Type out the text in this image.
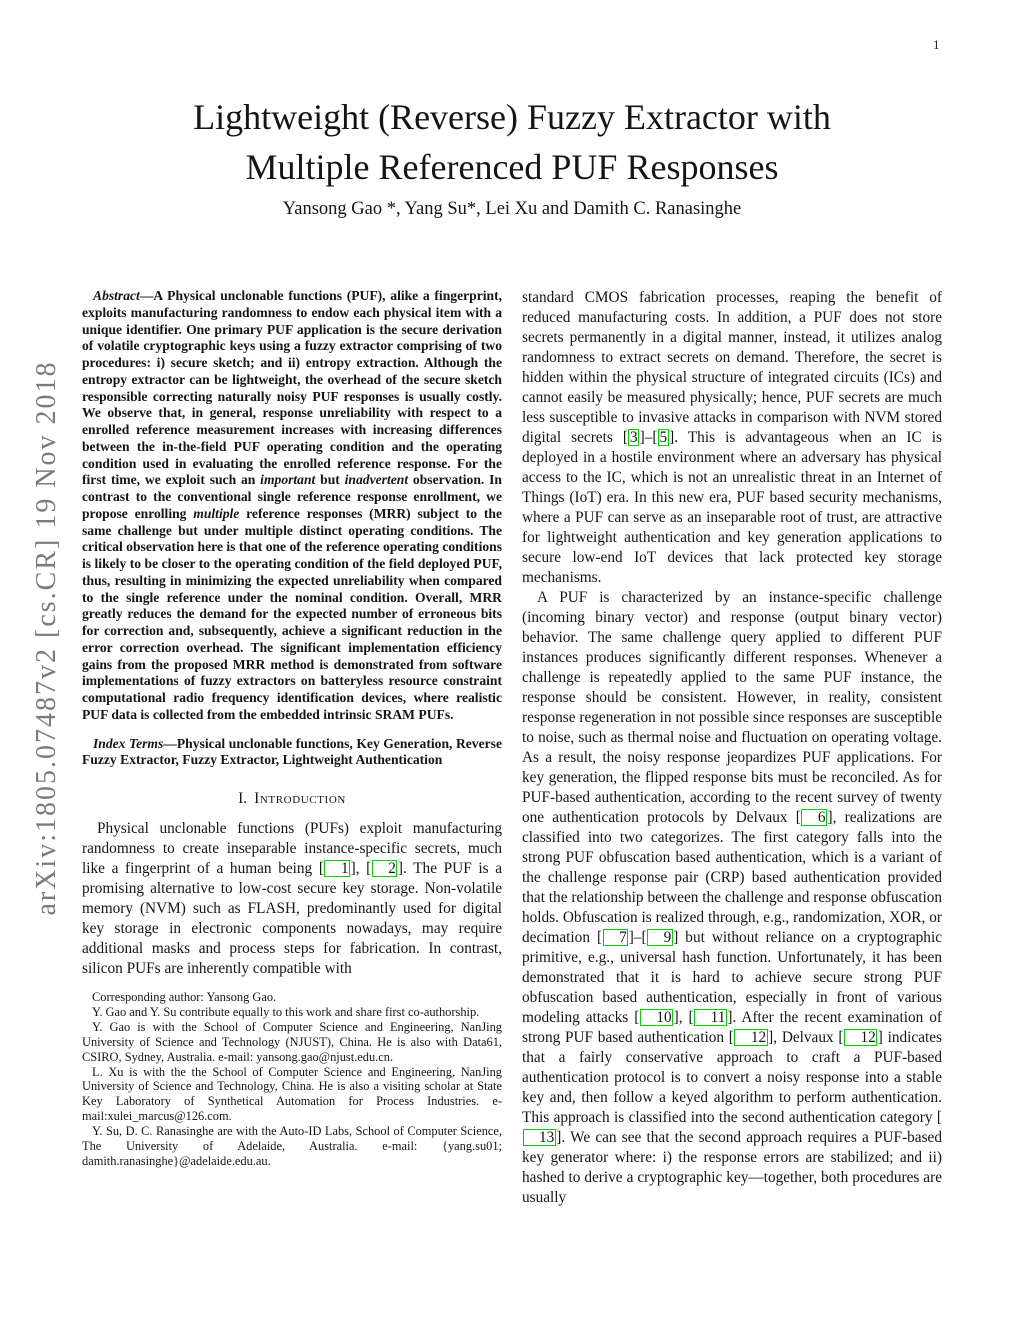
1
arXiv:1805.07487v2 [cs.CR] 19 Nov 2018
Lightweight (Reverse) Fuzzy Extractor with Multiple Referenced PUF Responses
Yansong Gao *, Yang Su*, Lei Xu and Damith C. Ranasinghe

Abstract—A Physical unclonable functions (PUF), alike a fingerprint, exploits manufacturing randomness to endow each physical item with a unique identifier. One primary PUF application is the secure derivation of volatile cryptographic keys using a fuzzy extractor comprising of two procedures: i) secure sketch; and ii) entropy extraction. Although the entropy extractor can be lightweight, the overhead of the secure sketch responsible correcting naturally noisy PUF responses is usually costly. We observe that, in general, response unreliability with respect to a enrolled reference measurement increases with increasing differences between the in-the-field PUF operating condition and the operating condition used in evaluating the enrolled reference response. For the first time, we exploit such an important but inadvertent observation. In contrast to the conventional single reference response enrollment, we propose enrolling multiple reference responses (MRR) subject to the same challenge but under multiple distinct operating conditions. The critical observation here is that one of the reference operating conditions is likely to be closer to the operating condition of the field deployed PUF, thus, resulting in minimizing the expected unreliability when compared to the single reference under the nominal condition. Overall, MRR greatly reduces the demand for the expected number of erroneous bits for correction and, subsequently, achieve a significant reduction in the error correction overhead. The significant implementation efficiency gains from the proposed MRR method is demonstrated from software implementations of fuzzy extractors on batteryless resource constraint computational radio frequency identification devices, where realistic PUF data is collected from the embedded intrinsic SRAM PUFs.

Index Terms—Physical unclonable functions, Key Generation, Reverse Fuzzy Extractor, Fuzzy Extractor, Lightweight Authentication

I. Introduction

Physical unclonable functions (PUFs) exploit manufacturing randomness to create inseparable instance-specific secrets, much like a fingerprint of a human being [ 1 ], [ 2 ]. The PUF is a promising alternative to low-cost secure key storage. Non-volatile memory (NVM) such as FLASH, predominantly used for digital key storage in electronic components nowadays, may require additional masks and process steps for fabrication. In contrast, silicon PUFs are inherently compatible with

Corresponding author: Yansong Gao.

Y. Gao and Y. Su contribute equally to this work and share first co-authorship.

Y. Gao is with the School of Computer Science and Engineering, NanJing University of Science and Technology (NJUST), China. He is also with Data61, CSIRO, Sydney, Australia. e-mail: yansong.gao@njust.edu.cn.

L. Xu is with the the School of Computer Science and Engineering, NanJing University of Science and Technology, China. He is also a visiting scholar at State Key Laboratory of Synthetical Automation for Process Industries. e-mail:xulei_marcus@126.com.

Y. Su, D. C. Ranasinghe are with the Auto-ID Labs, School of Computer Science, The University of Adelaide, Australia. e-mail: {yang.su01; damith.ranasinghe}@adelaide.edu.au.

standard CMOS fabrication processes, reaping the benefit of reduced manufacturing costs. In addition, a PUF does not store secrets permanently in a digital manner, instead, it utilizes analog randomness to extract secrets on demand. Therefore, the secret is hidden within the physical structure of integrated circuits (ICs) and cannot easily be measured physically; hence, PUF secrets are much less susceptible to invasive attacks in comparison with NVM stored digital secrets [ 3 ]–[ 5 ]. This is advantageous when an IC is deployed in a hostile environment where an adversary has physical access to the IC, which is not an unrealistic threat in an Internet of Things (IoT) era. In this new era, PUF based security mechanisms, where a PUF can serve as an inseparable root of trust, are attractive for lightweight authentication and key generation applications to secure low-end IoT devices that lack protected key storage mechanisms.

A PUF is characterized by an instance-specific challenge (incoming binary vector) and response (output binary vector) behavior. The same challenge query applied to different PUF instances produces significantly different responses. Whenever a challenge is repeatedly applied to the same PUF instance, the response should be consistent. However, in reality, consistent response regeneration in not possible since responses are susceptible to noise, such as thermal noise and fluctuation on operating voltage. As a result, the noisy response jeopardizes PUF applications. For key generation, the flipped response bits must be reconciled. As for PUF-based authentication, according to the recent survey of twenty one authentication protocols by Delvaux [ 6 ], realizations are classified into two categorizes. The first category falls into the strong PUF obfuscation based authentication, which is a variant of the challenge response pair (CRP) based authentication provided that the relationship between the challenge and response obfuscation holds. Obfuscation is realized through, e.g., randomization, XOR, or decimation [ 7 ]–[ 9 ] but without reliance on a cryptographic primitive, e.g., universal hash function. Unfortunately, it has been demonstrated that it is hard to achieve secure strong PUF obfuscation based authentication, especially in front of various modeling attacks [ 10 ], [ 11 ]. After the recent examination of strong PUF based authentication [ 12 ], Delvaux [ 12 ] indicates that a fairly conservative approach to craft a PUF-based authentication protocol is to convert a noisy response into a stable key and, then follow a keyed algorithm to perform authentication. This approach is classified into the second authentication category [13 ]. We can see that the second approach requires a PUF-based key generator where: i) the response errors are stabilized; and ii) hashed to derive a cryptographic key—together, both procedures are usually
